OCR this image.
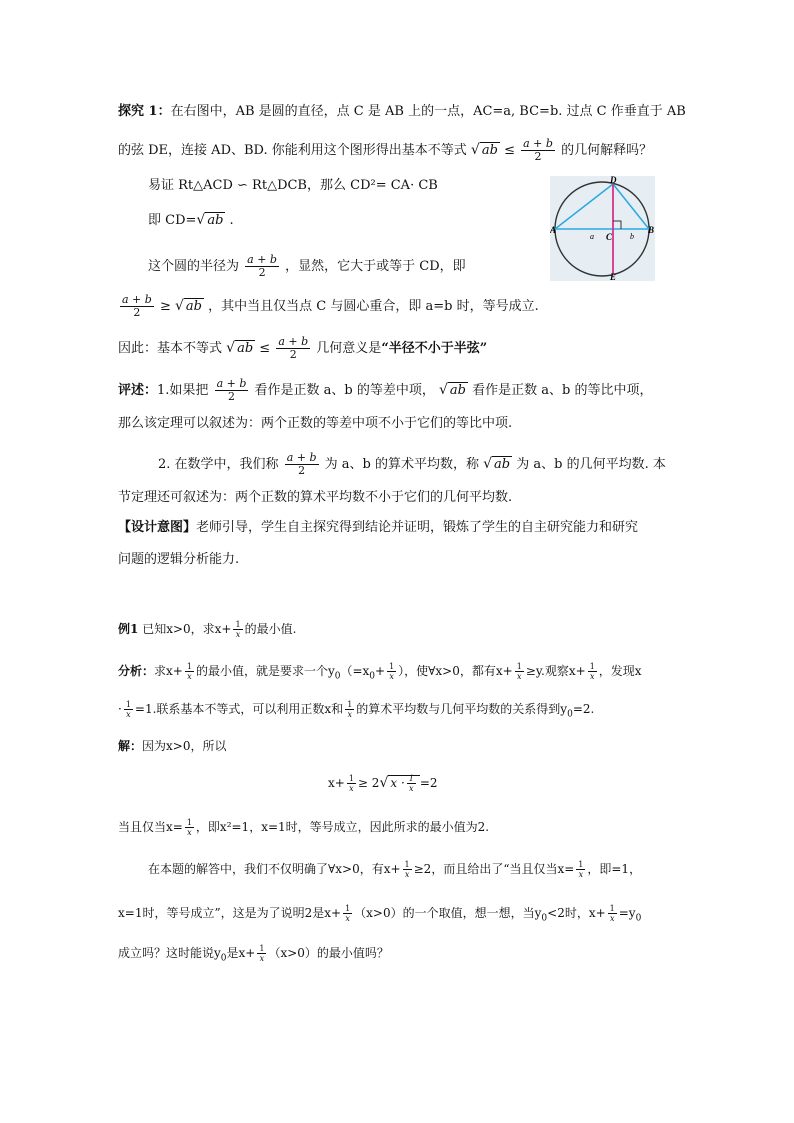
探究 1：在右图中，AB 是圆的直径，点 C 是 AB 上的一点，AC=a, BC=b. 过点 C 作垂直于 AB
的弦 DE，连接 AD、BD. 你能利用这个图形得出基本不等式 √ ab ≤ $\frac{a + b}{2}$ 的几何解释吗？
易证 Rt△ACD ∽ Rt△DCB，那么 CD²= CA· CB
即 CD=√ ab .
这个圆的半径为 $\frac{a + b}{2}$ ，显然，它大于或等于 CD，即
$\frac{a + b}{2}$ ≥ √ ab ，其中当且仅当点 C 与圆心重合，即 a=b 时，等号成立.
因此：基本不等式 √ ab ≤ $\frac{a + b}{2}$ 几何意义是“半径不小于半弦”
A	B
C
D
E
a	b
评述：1.如果把 $\frac{a + b}{2}$ 看作是正数 a、b 的等差中项， √ ab 看作是正数 a、b 的等比中项，
那么该定理可以叙述为：两个正数的等差中项不小于它们的等比中项.
2. 在数学中，我们称 $\frac{a + b}{2}$ 为 a、b 的算术平均数，称 √ ab 为 a、b 的几何平均数. 本
节定理还可叙述为：两个正数的算术平均数不小于它们的几何平均数.
【设计意图】老师引导，学生自主探究得到结论并证明，锻炼了学生的自主研究能力和研究
问题的逻辑分析能力.
例1 已知x>0，求$x+ \frac{1}{x}$ 的最小值.
分析：求$x+ \frac{1}{x}$ 的最小值，就是要求一个$y_0(=x_0+ \frac{1}{x}$ ），使∀x>0，都有$x+ \frac{1}{x} \ge y$.观察$x+ \frac{1}{x}$ ，发现x
· $\frac{1}{x} =1$.联系基本不等式，可以利用正数x和 $\frac{1}{x}$ 的算术平均数与几何平均数的关系得到$y_0=2$.
解：因为x>0，所以
$x+ \frac{1}{x} \ge 2√$ $x \cdot \frac{1}{x} =2$
当且仅当$x= \frac{1}{x}$ ，即x²=1，x=1时，等号成立，因此所求的最小值为2.
在本题的解答中，我们不仅明确了∀x>0，有$x+ \frac{1}{x} \ge 2$，而且给出了“当且仅当$x= \frac{1}{x}$ ，即=1，
x=1时，等号成立”，这是为了说明2是$x+ \frac{1}{x} (x>0)$的一个取值，想一想，当$y_0<2$时，$x+ \frac{1}{x} =y_0$
成立吗？这时能说$y_0$是$x+ \frac{1}{x} (x>0)$的最小值吗？
